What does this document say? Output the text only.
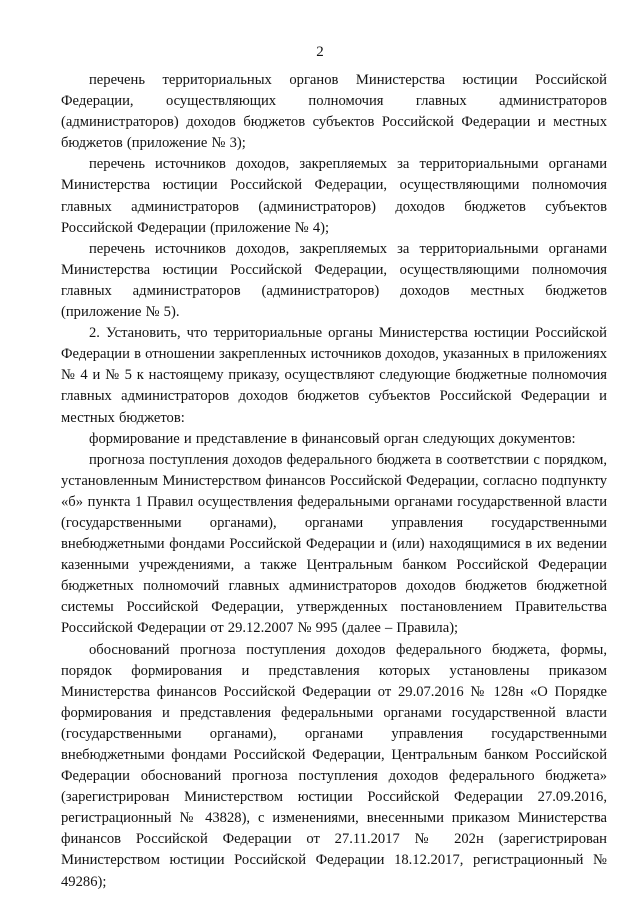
2

перечень территориальных органов Министерства юстиции Российской Федерации, осуществляющих полномочия главных администраторов (администраторов) доходов бюджетов субъектов Российской Федерации и местных бюджетов (приложение № 3);

перечень источников доходов, закрепляемых за территориальными органами Министерства юстиции Российской Федерации, осуществляющими полномочия главных администраторов (администраторов) доходов бюджетов субъектов Российской Федерации (приложение № 4);

перечень источников доходов, закрепляемых за территориальными органами Министерства юстиции Российской Федерации, осуществляющими полномочия главных администраторов (администраторов) доходов местных бюджетов (приложение № 5).

2. Установить, что территориальные органы Министерства юстиции Российской Федерации в отношении закрепленных источников доходов, указанных в приложениях № 4 и № 5 к настоящему приказу, осуществляют следующие бюджетные полномочия главных администраторов доходов бюджетов субъектов Российской Федерации и местных бюджетов:

формирование и представление в финансовый орган следующих документов:

прогноза поступления доходов федерального бюджета в соответствии с порядком, установленным Министерством финансов Российской Федерации, согласно подпункту «б» пункта 1 Правил осуществления федеральными органами государственной власти (государственными органами), органами управления государственными внебюджетными фондами Российской Федерации и (или) находящимися в их ведении казенными учреждениями, а также Центральным банком Российской Федерации бюджетных полномочий главных администраторов доходов бюджетов бюджетной системы Российской Федерации, утвержденных постановлением Правительства Российской Федерации от 29.12.2007 № 995 (далее – Правила);

обоснований прогноза поступления доходов федерального бюджета, формы, порядок формирования и представления которых установлены приказом Министерства финансов Российской Федерации от 29.07.2016 № 128н «О Порядке формирования и представления федеральными органами государственной власти (государственными органами), органами управления государственными внебюджетными фондами Российской Федерации, Центральным банком Российской Федерации обоснований прогноза поступления доходов федерального бюджета» (зарегистрирован Министерством юстиции Российской Федерации 27.09.2016, регистрационный № 43828), с изменениями, внесенными приказом Министерства финансов Российской Федерации от 27.11.2017 № 202н (зарегистрирован Министерством юстиции Российской Федерации 18.12.2017, регистрационный № 49286);
